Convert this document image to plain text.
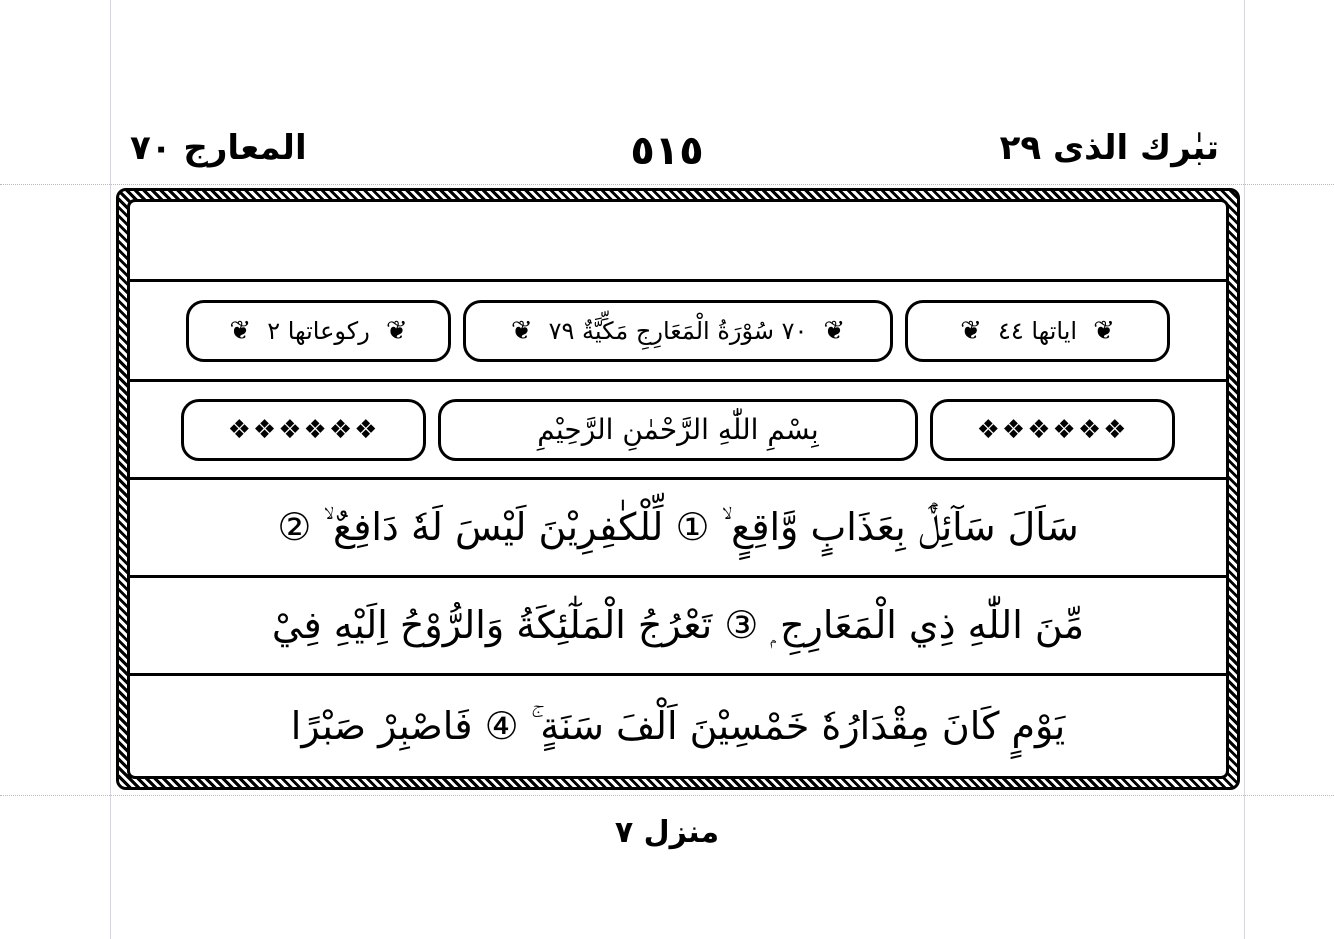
تبٰرك الذى ٢٩
٥١٥
المعارج ٧٠
❦
اياتها ٤٤
❦
❦
٧٠ سُوْرَةُ الْمَعَارِجِ مَكِّيَّةٌ ٧٩
❦
❦
ركوعاتها ٢
❦
❖❖❖❖❖❖
بِسْمِ اللّٰهِ الرَّحْمٰنِ الرَّحِيْمِ
❖❖❖❖❖❖
سَاَلَ سَآئِلٌۢ بِعَذَابٍ وَّاقِعٍ ۙ ① لِّلْكٰفِرِيْنَ لَيْسَ لَهٗ دَافِعٌ ۙ ②
مِّنَ اللّٰهِ ذِي الْمَعَارِجِ ۭ ③ تَعْرُجُ الْمَلٰٓئِكَةُ وَالرُّوْحُ اِلَيْهِ فِيْ
يَوْمٍ كَانَ مِقْدَارُهٗ خَمْسِيْنَ اَلْفَ سَنَةٍ ۚ ④ فَاصْبِرْ صَبْرًا
منزل ٧
